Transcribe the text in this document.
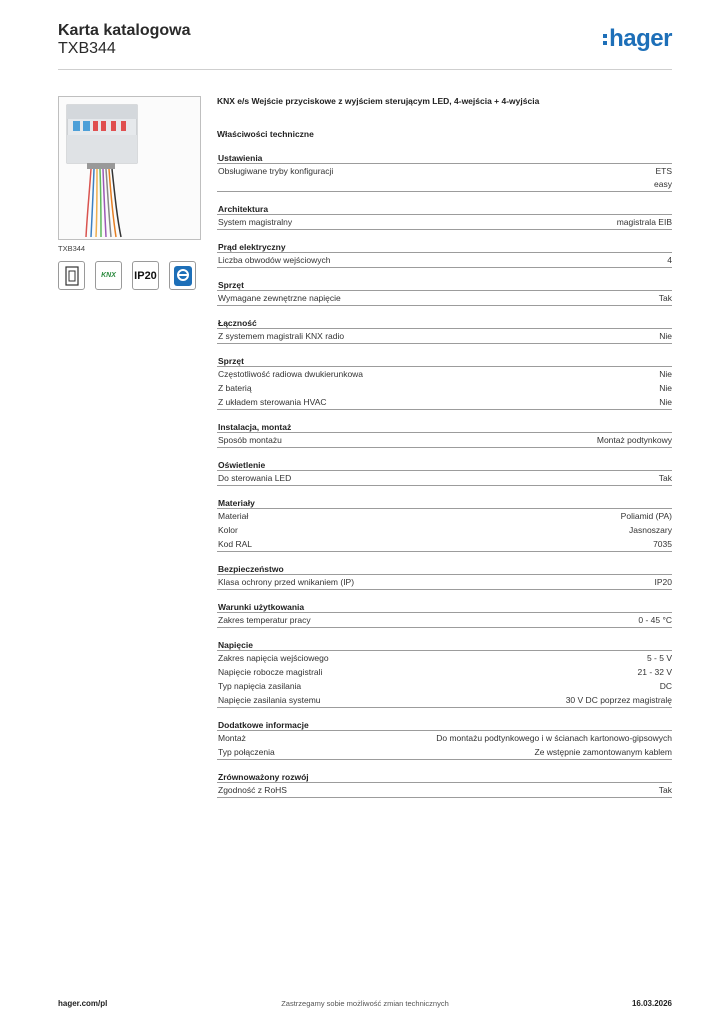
Karta katalogowa
TXB344	hager
TXB344
KNX IP20
KNX e/s Wejście przyciskowe z wyjściem sterującym LED, 4-wejścia + 4-wyjścia
Właściwości techniczne
Ustawienia
Obsługiwane tryby konfiguracji	ETS
easy
Architektura
System magistralny	magistrala EIB
Prąd elektryczny
Liczba obwodów wejściowych	4
Sprzęt
Wymagane zewnętrzne napięcie	Tak
Łączność
Z systemem magistrali KNX radio	Nie
Sprzęt
Częstotliwość radiowa dwukierunkowa	Nie
Z baterią	Nie
Z układem sterowania HVAC	Nie
Instalacja, montaż
Sposób montażu	Montaż podtynkowy
Oświetlenie
Do sterowania LED	Tak
Materiały
Materiał	Poliamid (PA)
Kolor	Jasnoszary
Kod RAL	7035
Bezpieczeństwo
Klasa ochrony przed wnikaniem (IP)	IP20
Warunki użytkowania
Zakres temperatur pracy	0 - 45 °C
Napięcie
Zakres napięcia wejściowego	5 - 5 V
Napięcie robocze magistrali	21 - 32 V
Typ napięcia zasilania	DC
Napięcie zasilania systemu	30 V DC poprzez magistralę
Dodatkowe informacje
Montaż	Do montażu podtynkowego i w ścianach kartonowo-gipsowych
Typ połączenia	Ze wstępnie zamontowanym kablem
Zrównoważony rozwój
Zgodność z RoHS	Tak
Zastrzegamy sobie możliwość zmian technicznych
hager.com/pl	16.03.2026
